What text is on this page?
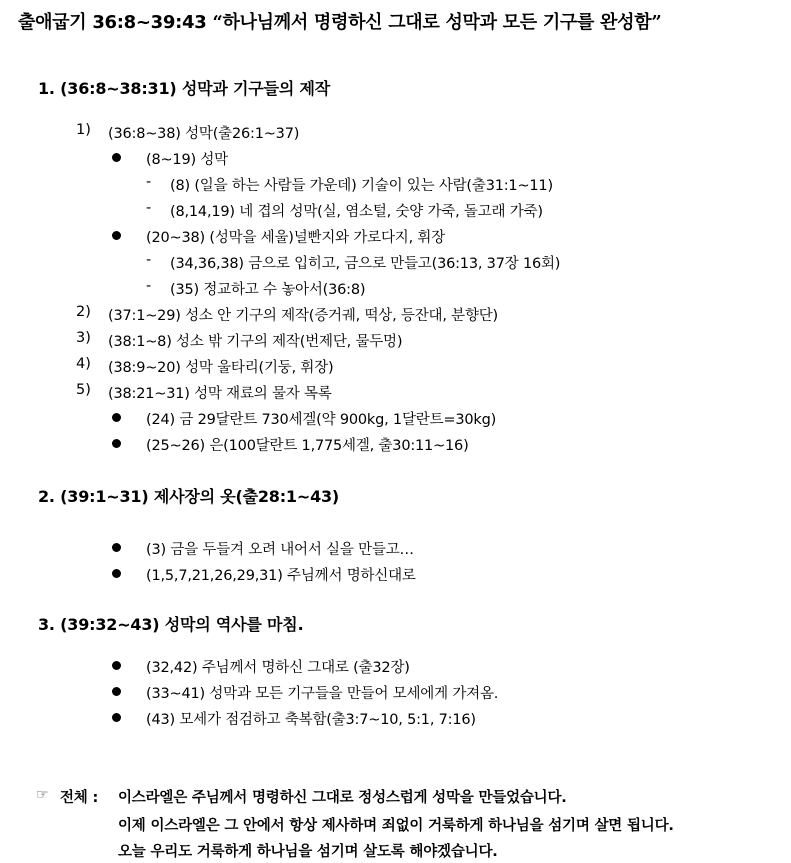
출애굽기 36:8~39:43 “하나님께서 명령하신 그대로 성막과 모든 기구를 완성함”
1. (36:8~38:31) 성막과 기구들의 제작
1) (36:8~38) 성막(출26:1~37)
(8~19) 성막
- (8) (일을 하는 사람들 가운데) 기술이 있는 사람(출31:1~11)
- (8,14,19) 네 겹의 성막(실, 염소털, 숫양 가죽, 돌고래 가죽)
(20~38) (성막을 세울)널빤지와 가로다지, 휘장
- (34,36,38) 금으로 입히고, 금으로 만들고(36:13, 37장 16회)
- (35) 정교하고 수 놓아서(36:8)
2) (37:1~29) 성소 안 기구의 제작(증거궤, 떡상, 등잔대, 분향단)
3) (38:1~8) 성소 밖 기구의 제작(번제단, 물두멍)
4) (38:9~20) 성막 울타리(기둥, 휘장)
5) (38:21~31) 성막 재료의 물자 목록
(24) 금 29달란트 730세겔(약 900kg, 1달란트=30kg)
(25~26) 은(100달란트 1,775세겔, 출30:11~16)
2. (39:1~31) 제사장의 옷(출28:1~43)
(3) 금을 두들겨 오려 내어서 실을 만들고…
(1,5,7,21,26,29,31) 주님께서 명하신대로
3. (39:32~43) 성막의 역사를 마침.
(32,42) 주님께서 명하신 그대로 (출32장)
(33~41) 성막과 모든 기구들을 만들어 모세에게 가져옴.
(43) 모세가 점검하고 축복함(출3:7~10, 5:1, 7:16)
☞ 전체 : 이스라엘은 주님께서 명령하신 그대로 정성스럽게 성막을 만들었습니다.
이제 이스라엘은 그 안에서 항상 제사하며 죄없이 거룩하게 하나님을 섬기며 살면 됩니다.
오늘 우리도 거룩하게 하나님을 섬기며 살도록 해야겠습니다.
